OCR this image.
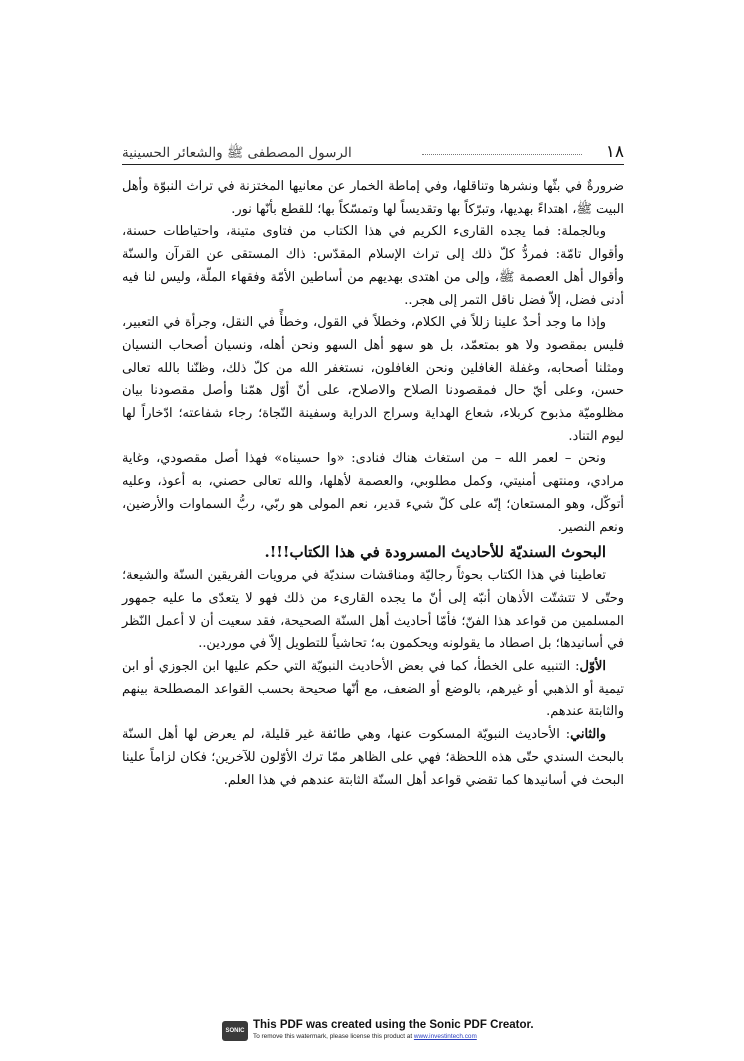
١٨
الرسول المصطفى ﷺ والشعائر الحسينية

ضرورةٌ في بثّها ونشرها وتناقلها، وفي إماطة الخمار عن معانيها المختزنة في تراث النبوّة وأهل البيت ﷺ، اهتداءً بهديها، وتبرّكاً بها وتقديساً لها وتمسّكاً بها؛ للقطع بأنّها نور.

وبالجملة: فما يجده القارىء الكريم في هذا الكتاب من فتاوى متينة، واحتياطات حسنة، وأقوال تامّة: فمردُّ كلّ ذلك إلى تراث الإسلام المقدّس: ذاك المستقى عن القرآن والسنّة وأقوال أهل العصمة ﷺ، وإلى من اهتدى بهديهم من أساطين الأمّة وفقهاء الملّة، وليس لنا فيه أدنى فضل، إلاّ فضل ناقل التمر إلى هجر..

وإذا ما وجد أحدٌ علينا زللاً في الكلام، وخطلاً في القول، وخطأً في النقل، وجرأة في التعبير، فليس بمقصود ولا هو بمتعمّد، بل هو سهو أهل السهو ونحن أهله، ونسيان أصحاب النسيان ومثلنا أصحابه، وغفلة الغافلين ونحن الغافلون، نستغفر الله من كلّ ذلك، وظنّنا بالله تعالى حسن، وعلى أيّ حال فمقصودنا الصلاح والاصلاح، على أنّ أوّل همّنا وأصل مقصودنا بيان مظلوميّة مذبوح كربلاء، شعاع الهداية وسراج الدراية وسفينة النّجاة؛ رجاء شفاعته؛ ادّخاراً لها ليوم التناد.

ونحن – لعمر الله – من استغاث هناك فنادى: «وا حسيناه» فهذا أصل مقصودي، وغاية مرادي، ومنتهى أمنيتي، وكمل مطلوبي، والعصمة لأهلها، والله تعالى حصني، به أعوذ، وعليه أتوكّل، وهو المستعان؛ إنّه على كلّ شيء قدير، نعم المولى هو ربّي، ربُّ السماوات والأرضين، ونعم النصير.

البحوث السنديّة للأحاديث المسرودة في هذا الكتاب!!!.

تعاطينا في هذا الكتاب بحوثاً رجاليّة ومناقشات سنديّة في مرويات الفريقين السنّة والشيعة؛ وحتّى لا تتشتّت الأذهان أنبّه إلى أنّ ما يجده القارىء من ذلك فهو لا يتعدّى ما عليه جمهور المسلمين من قواعد هذا الفنّ؛ فأمّا أحاديث أهل السنّة الصحيحة، فقد سعيت أن لا أعمل النّظر في أسانيدها؛ بل اصطاد ما يقولونه ويحكمون به؛ تحاشياً للتطويل إلاّ في موردين..

الأوّل: التنبيه على الخطأ، كما في بعض الأحاديث النبويّة التي حكم عليها ابن الجوزي أو ابن تيمية أو الذهبي أو غيرهم، بالوضع أو الضعف، مع أنّها صحيحة بحسب القواعد المصطلحة بينهم والثابتة عندهم.

والثاني: الأحاديث النبويّة المسكوت عنها، وهي طائفة غير قليلة، لم يعرض لها أهل السنّة بالبحث السندي حتّى هذه اللحظة؛ فهي على الظاهر ممّا ترك الأوّلون للآخرين؛ فكان لزاماً علينا البحث في أسانيدها كما تقضي قواعد أهل السنّة الثابتة عندهم في هذا العلم.

SONIC PDF
This PDF was created using the Sonic PDF Creator.
To remove this watermark, please license this product at www.investintech.com
